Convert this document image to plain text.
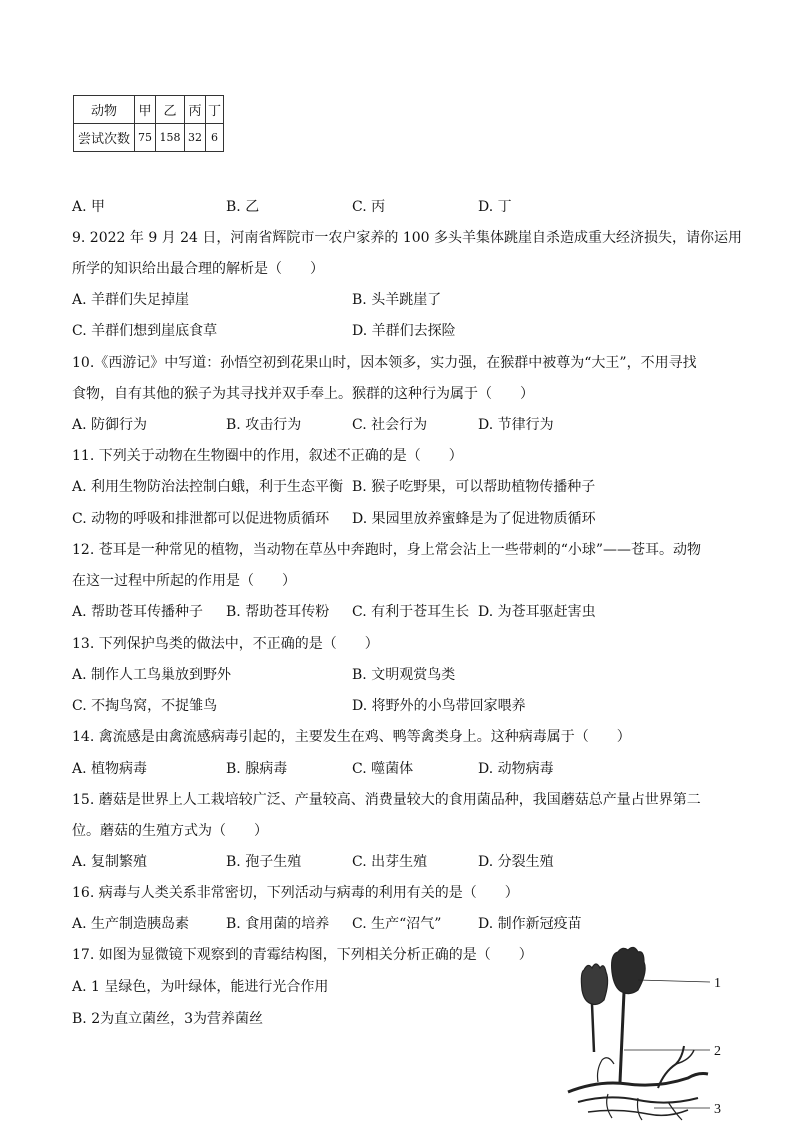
动物	甲	乙	丙	丁
尝试次数	75	158	32	6
A. 甲	B. 乙	C. 丙	D. 丁
9. 2022 年 9 月 24 日，河南省辉院市一农户家养的 100 多头羊集体跳崖自杀造成重大经济损失，请你运用
所学的知识给出最合理的解析是（　　）
A. 羊群们失足掉崖	B. 头羊跳崖了
C. 羊群们想到崖底食草	D. 羊群们去探险
10.《西游记》中写道：孙悟空初到花果山时，因本领多，实力强，在猴群中被尊为“大王”，不用寻找
食物，自有其他的猴子为其寻找并双手奉上。猴群的这种行为属于（　　）
A. 防御行为	B. 攻击行为	C. 社会行为	D. 节律行为
11. 下列关于动物在生物圈中的作用，叙述不正确的是（　　）
A. 利用生物防治法控制白蛾，利于生态平衡 B. 猴子吃野果，可以帮助植物传播种子
C. 动物的呼吸和排泄都可以促进物质循环 D. 果园里放养蜜蜂是为了促进物质循环
12. 苍耳是一种常见的植物，当动物在草丛中奔跑时，身上常会沾上一些带刺的“小球”——苍耳。动物
在这一过程中所起的作用是（　　）
A. 帮助苍耳传播种子 B. 帮助苍耳传粉 C. 有利于苍耳生长 D. 为苍耳驱赶害虫
13. 下列保护鸟类的做法中，不正确的是（　　）
A. 制作人工鸟巢放到野外	B. 文明观赏鸟类
C. 不掏鸟窝，不捉雏鸟	D. 将野外的小鸟带回家喂养
14. 禽流感是由禽流感病毒引起的，主要发生在鸡、鸭等禽类身上。这种病毒属于（　　）
A. 植物病毒	B. 腺病毒	C. 噬菌体	D. 动物病毒
15. 蘑菇是世界上人工栽培较广泛、产量较高、消费量较大的食用菌品种，我国蘑菇总产量占世界第二
位。蘑菇的生殖方式为（　　）
A. 复制繁殖	B. 孢子生殖	C. 出芽生殖	D. 分裂生殖
16. 病毒与人类关系非常密切，下列活动与病毒的利用有关的是（　　）
A. 生产制造胰岛素	B. 食用菌的培养 C. 生产“沼气”	D. 制作新冠疫苗
17. 如图为显微镜下观察到的青霉结构图，下列相关分析正确的是（　　）
A. 1 呈绿色，为叶绿体，能进行光合作用
B. 2为直立菌丝，3为营养菌丝
1
2
3
